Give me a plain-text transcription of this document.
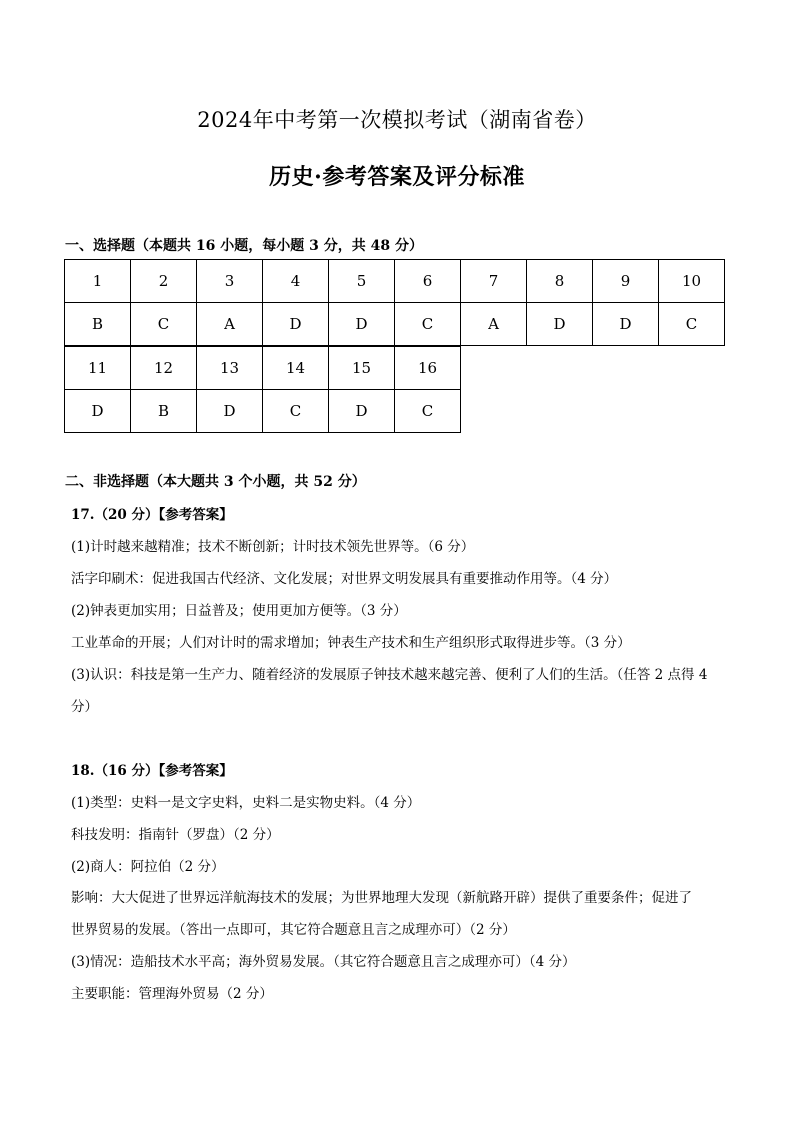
2024年中考第一次模拟考试（湖南省卷）
历史·参考答案及评分标准
一、选择题（本题共 16 小题，每小题 3 分，共 48 分）
1	2	3	4	5	6	7	8	9	10
B	C	A	D	D	C	A	D	D	C
11	12	13	14	15	16
D	B	D	C	D	C
二、非选择题（本大题共 3 个小题，共 52 分）
17.（20 分）【参考答案】
(1)计时越来越精准；技术不断创新；计时技术领先世界等。（6 分）
活字印刷术：促进我国古代经济、文化发展；对世界文明发展具有重要推动作用等。（4 分）
(2)钟表更加实用；日益普及；使用更加方便等。（3 分）
工业革命的开展；人们对计时的需求增加；钟表生产技术和生产组织形式取得进步等。（3 分）
(3)认识：科技是第一生产力、随着经济的发展原子钟技术越来越完善、便利了人们的生活。（任答 2 点得 4
分）
18.（16 分）【参考答案】
(1)类型：史料一是文字史料，史料二是实物史料。（4 分）
科技发明：指南针（罗盘）（2 分）
(2)商人：阿拉伯（2 分）
影响：大大促进了世界远洋航海技术的发展；为世界地理大发现（新航路开辟）提供了重要条件；促进了
世界贸易的发展。（答出一点即可，其它符合题意且言之成理亦可）（2 分）
(3)情况：造船技术水平高；海外贸易发展。（其它符合题意且言之成理亦可）（4 分）
主要职能：管理海外贸易（2 分）
